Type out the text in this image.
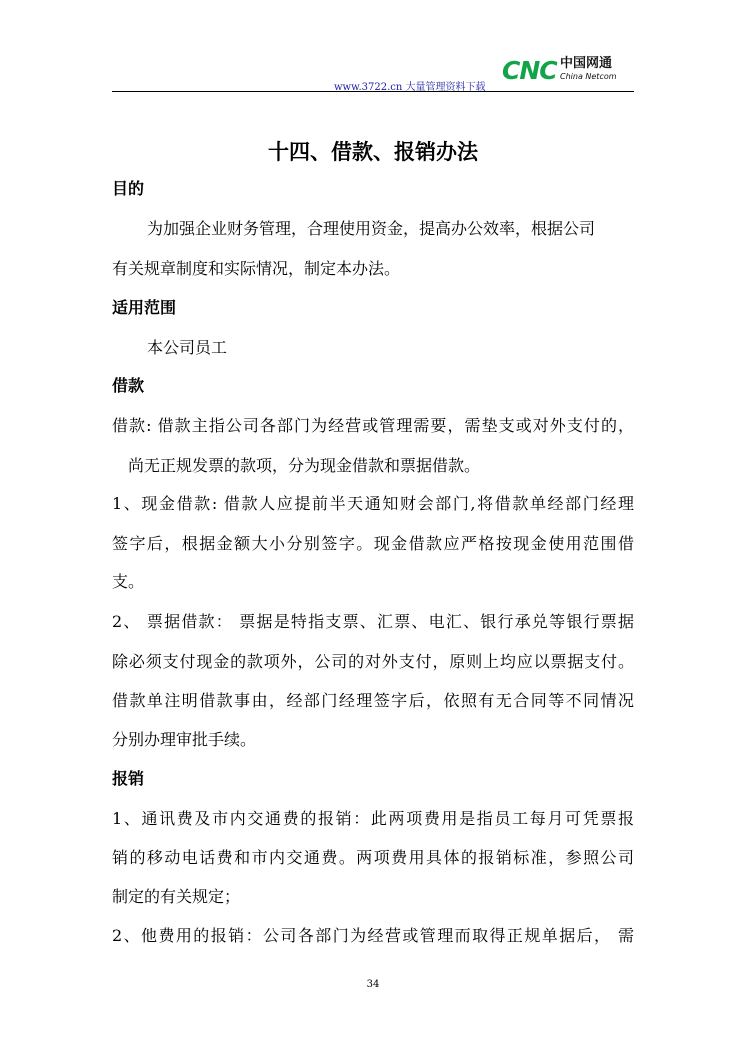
www.3722.cn 大量管理资料下载
CNC 中国网通
China Netcom
十四、借款、报销办法
目的
为加强企业财务管理，合理使用资金，提高办公效率，根据公司
有关规章制度和实际情况，制定本办法。
适用范围
本公司员工
借款
借款: 借款主指公司各部门为经营或管理需要，需垫支或对外支付的，
尚无正规发票的款项，分为现金借款和票据借款。
1、现金借款: 借款人应提前半天通知财会部门,将借款单经部门经理
签字后，根据金额大小分别签字。现金借款应严格按现金使用范围借
支。
2、 票据借款： 票据是特指支票、汇票、电汇、银行承兑等银行票据
除必须支付现金的款项外，公司的对外支付，原则上均应以票据支付。
借款单注明借款事由，经部门经理签字后，依照有无合同等不同情况
分别办理审批手续。
报销
1、通讯费及市内交通费的报销：此两项费用是指员工每月可凭票报
销的移动电话费和市内交通费。两项费用具体的报销标准，参照公司
制定的有关规定；
2、他费用的报销：公司各部门为经营或管理而取得正规单据后， 需
34
